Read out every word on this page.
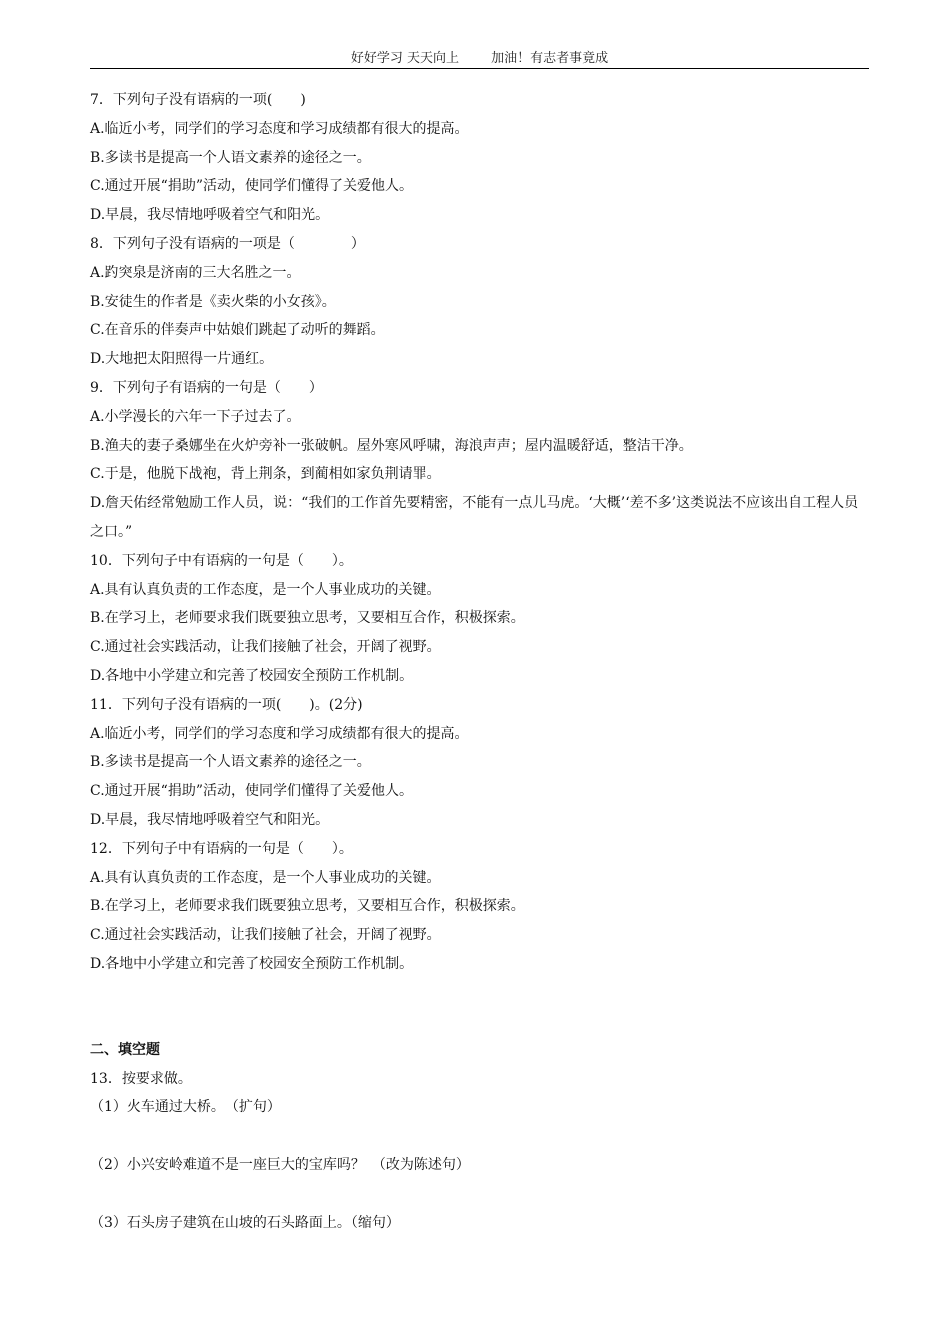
好好学习 天天向上 加油！有志者事竟成
7．下列句子没有语病的一项(　　)
A.临近小考，同学们的学习态度和学习成绩都有很大的提高。
B.多读书是提高一个人语文素养的途径之一。
C.通过开展“捐助”活动，使同学们懂得了关爱他人。
D.早晨，我尽情地呼吸着空气和阳光。
8．下列句子没有语病的一项是（　　　　）
A.趵突泉是济南的三大名胜之一。
B.安徒生的作者是《卖火柴的小女孩》。
C.在音乐的伴奏声中姑娘们跳起了动听的舞蹈。
D.大地把太阳照得一片通红。
9．下列句子有语病的一句是（　　）
A.小学漫长的六年一下子过去了。
B.渔夫的妻子桑娜坐在火炉旁补一张破帆。屋外寒风呼啸，海浪声声；屋内温暖舒适，整洁干净。
C.于是，他脱下战袍，背上荆条，到蔺相如家负荆请罪。
D.詹天佑经常勉励工作人员，说：“我们的工作首先要精密，不能有一点儿马虎。‘大概’‘差不多’这类说法不应该出自工程人员之口。”
10．下列句子中有语病的一句是（　　）。
A.具有认真负责的工作态度，是一个人事业成功的关键。
B.在学习上，老师要求我们既要独立思考，又要相互合作，积极探索。
C.通过社会实践活动，让我们接触了社会，开阔了视野。
D.各地中小学建立和完善了校园安全预防工作机制。
11．下列句子没有语病的一项(　　)。(2分)
A.临近小考，同学们的学习态度和学习成绩都有很大的提高。
B.多读书是提高一个人语文素养的途径之一。
C.通过开展“捐助”活动，使同学们懂得了关爱他人。
D.早晨，我尽情地呼吸着空气和阳光。
12．下列句子中有语病的一句是（　　）。
A.具有认真负责的工作态度，是一个人事业成功的关键。
B.在学习上，老师要求我们既要独立思考，又要相互合作，积极探索。
C.通过社会实践活动，让我们接触了社会，开阔了视野。
D.各地中小学建立和完善了校园安全预防工作机制。
二、填空题
13．按要求做。
（1）火车通过大桥。　（扩句）
（2）小兴安岭难道不是一座巨大的宝库吗？　（改为陈述句）
（3）石头房子建筑在山坡的石头路面上。（缩句）
